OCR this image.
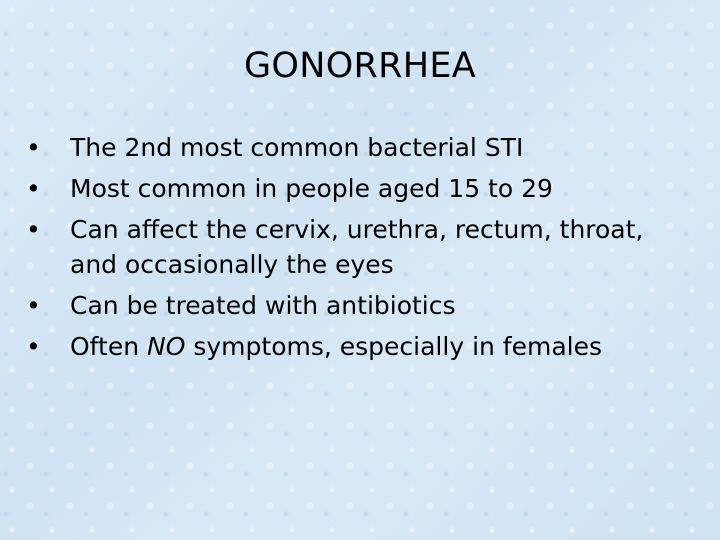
GONORRHEA
• The 2nd most common bacterial STI
• Most common in people aged 15 to 29
• Can affect the cervix, urethra, rectum, throat,
and occasionally the eyes
• Can be treated with antibiotics
• Often NO symptoms, especially in females
